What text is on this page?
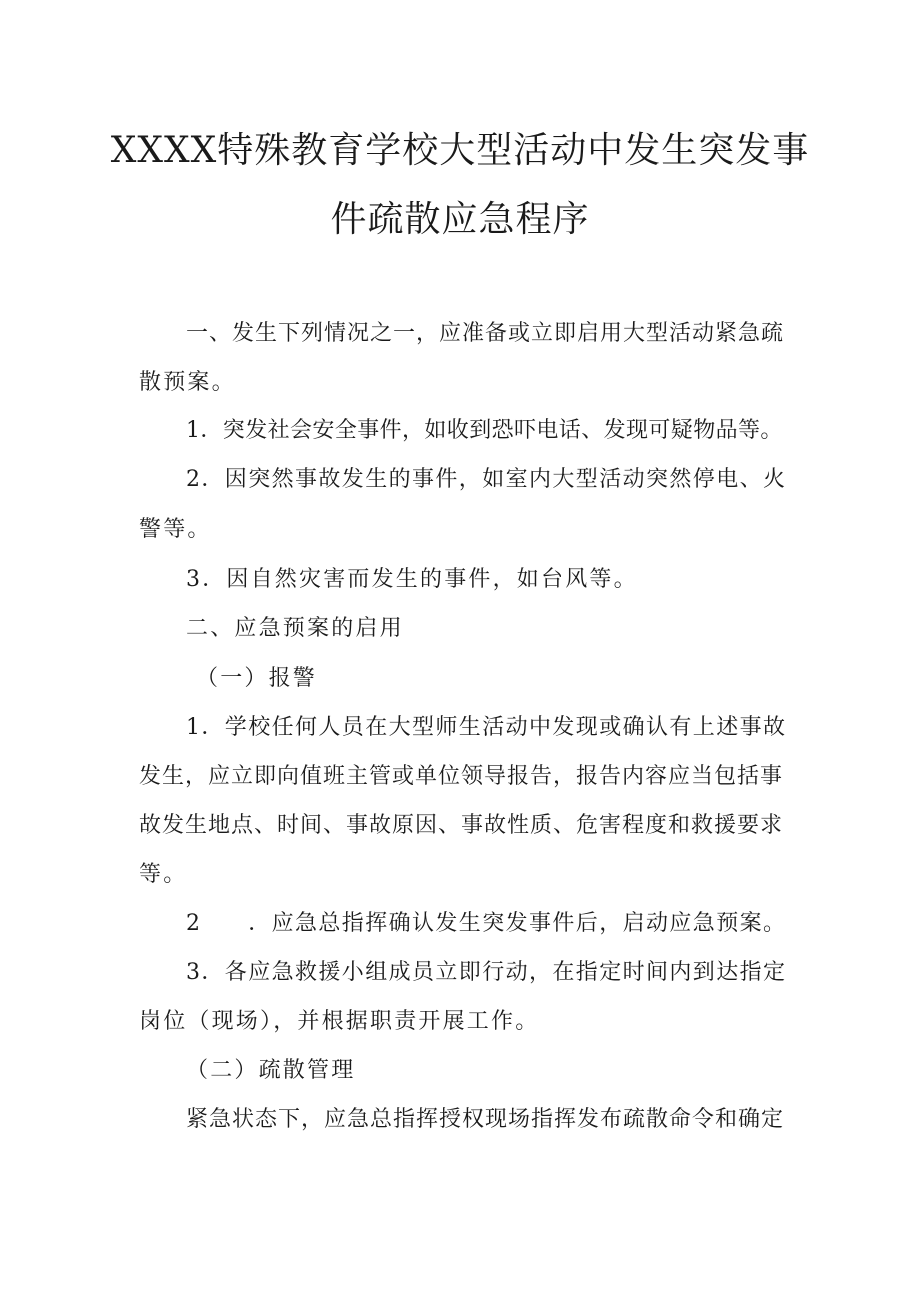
XXXX特殊教育学校大型活动中发生突发事
件疏散应急程序
一、发生下列情况之一，应准备或立即启用大型活动紧急疏
散预案。
1．突发社会安全事件，如收到恐吓电话、发现可疑物品等。
2．因突然事故发生的事件，如室内大型活动突然停电、火
警等。
3．因自然灾害而发生的事件，如台风等。
二、应急预案的启用
（一）报警
1．学校任何人员在大型师生活动中发现或确认有上述事故
发生，应立即向值班主管或单位领导报告，报告内容应当包括事
故发生地点、时间、事故原因、事故性质、危害程度和救援要求
等。
2　　．应急总指挥确认发生突发事件后，启动应急预案。
3．各应急救援小组成员立即行动，在指定时间内到达指定
岗位（现场），并根据职责开展工作。
（二）疏散管理
紧急状态下，应急总指挥授权现场指挥发布疏散命令和确定
